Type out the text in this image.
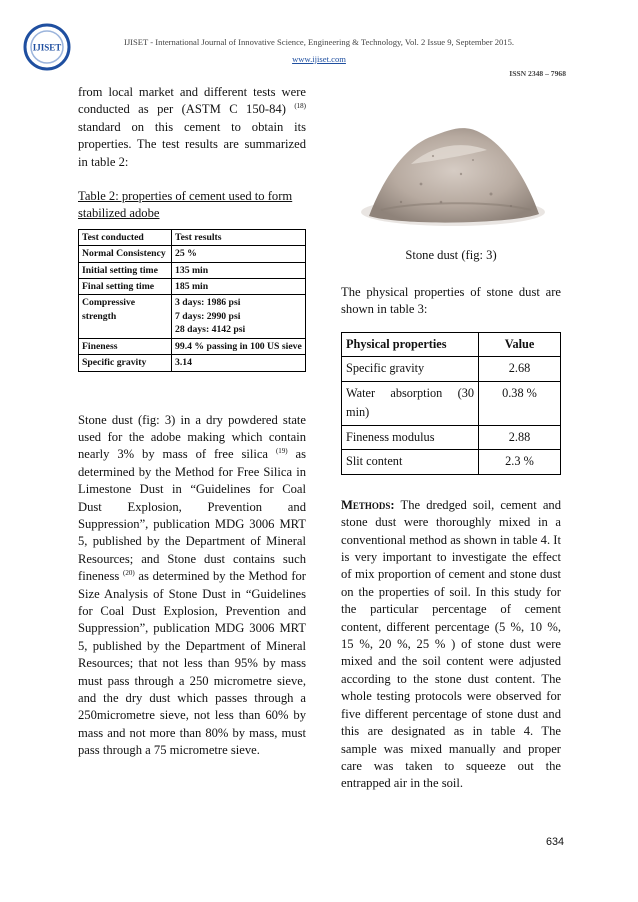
IJISET
IJISET - International Journal of Innovative Science, Engineering & Technology, Vol. 2 Issue 9, September 2015.
www.ijiset.com
ISSN 2348 – 7968

from local market and different tests were conducted as per (ASTM C 150-84) $^{(18)}$ standard on this cement to obtain its properties. The test results are summarized in table 2:

Table 2: properties of cement used to form stabilized adobe

Test conducted	Test results
Normal Consistency	25 %
Initial setting time	135 min
Final setting time	185 min
Compressive strength	3 days: 1986 psi
7 days: 2990 psi
28 days: 4142 psi

Fineness	99.4 % passing in 100 US sieve
Specific gravity	3.14

Stone dust (fig: 3) in a dry powdered state used for the adobe making which contain nearly 3% by mass of free silica $^{(19)}$ as determined by the Method for Free Silica in Limestone Dust in “Guidelines for Coal Dust Explosion, Prevention and Suppression”, publication MDG 3006 MRT 5, published by the Department of Mineral Resources; and Stone dust contains such fineness $^{(20)}$ as determined by the Method for Size Analysis of Stone Dust in “Guidelines for Coal Dust Explosion, Prevention and Suppression”, publication MDG 3006 MRT 5, published by the Department of Mineral Resources; that not less than 95% by mass must pass through a 250 micrometre sieve, and the dry dust which passes through a 250micrometre sieve, not less than 60% by mass and not more than 80% by mass, must pass through a 75 micrometre sieve.

Stone dust (fig: 3)

The physical properties of stone dust are shown in table 3:

Physical properties	Value
Specific gravity	2.68
Water absorption (30 min)	0.38 %
Fineness modulus	2.88
Slit content	2.3 %

Methods: The dredged soil, cement and stone dust were thoroughly mixed in a conventional method as shown in table 4. It is very important to investigate the effect of mix proportion of cement and stone dust on the properties of soil. In this study for the particular percentage of cement content, different percentage (5 %, 10 %, 15 %, 20 %, 25 % ) of stone dust were mixed and the soil content were adjusted according to the stone dust content. The whole testing protocols were observed for five different percentage of stone dust and this are designated as in table 4. The sample was mixed manually and proper care was taken to squeeze out the entrapped air in the soil.

634
